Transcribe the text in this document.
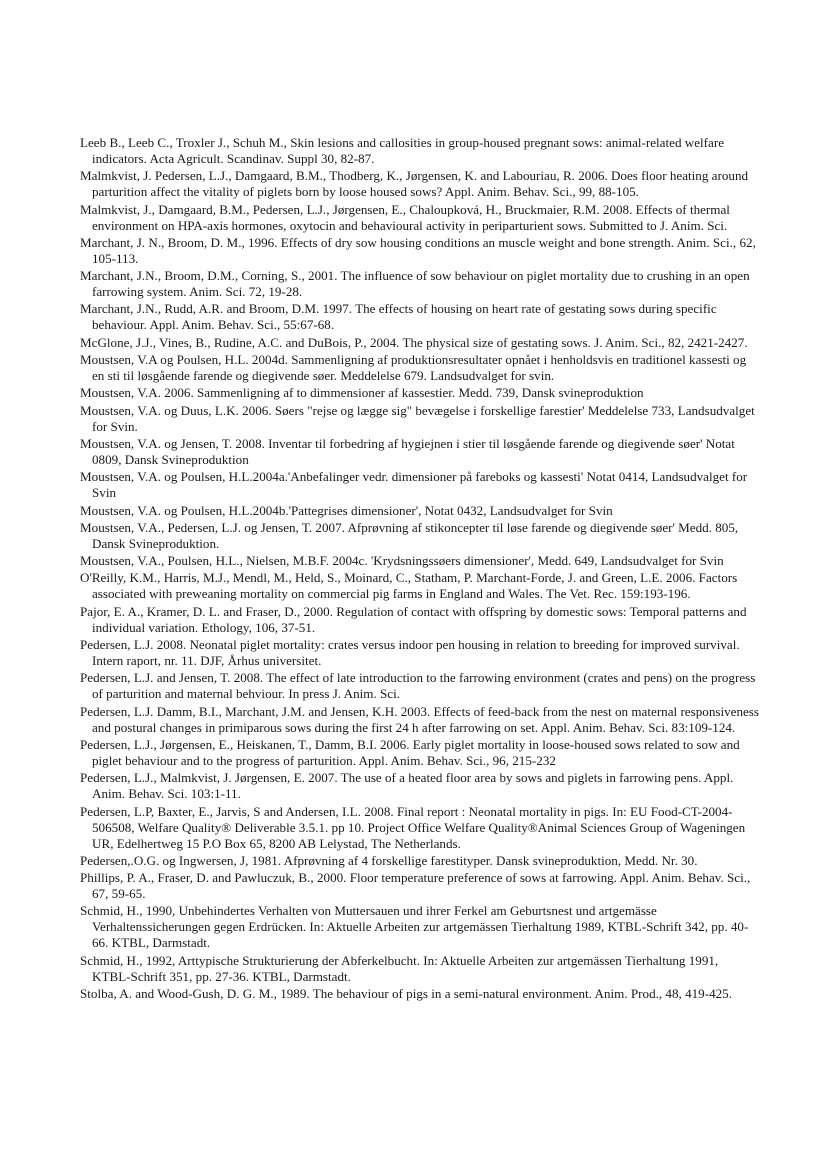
Leeb B., Leeb C., Troxler J., Schuh M., Skin lesions and callosities in group-housed pregnant sows: animal-related welfare indicators. Acta Agricult. Scandinav. Suppl 30, 82-87.

Malmkvist, J. Pedersen, L.J., Damgaard, B.M., Thodberg, K., Jørgensen, K. and Labouriau, R. 2006. Does floor heating around parturition affect the vitality of piglets born by loose housed sows? Appl. Anim. Behav. Sci., 99, 88-105.

Malmkvist, J., Damgaard, B.M., Pedersen, L.J., Jørgensen, E., Chaloupková, H., Bruckmaier, R.M. 2008. Effects of thermal environment on HPA-axis hormones, oxytocin and behavioural activity in periparturient sows. Submitted to J. Anim. Sci.

Marchant, J. N., Broom, D. M., 1996. Effects of dry sow housing conditions an muscle weight and bone strength. Anim. Sci., 62, 105-113.

Marchant, J.N., Broom, D.M., Corning, S., 2001. The influence of sow behaviour on piglet mortality due to crushing in an open farrowing system. Anim. Sci. 72, 19-28.

Marchant, J.N., Rudd, A.R. and Broom, D.M. 1997. The effects of housing on heart rate of gestating sows during specific behaviour. Appl. Anim. Behav. Sci., 55:67-68.

McGlone, J.J., Vines, B., Rudine, A.C. and DuBois, P., 2004. The physical size of gestating sows. J. Anim. Sci., 82, 2421-2427.

Moustsen, V.A og Poulsen, H.L. 2004d. Sammenligning af produktionsresultater opnået i henholdsvis en traditionel kassesti og en sti til løsgående farende og diegivende søer. Meddelelse 679. Landsudvalget for svin.

Moustsen, V.A. 2006. Sammenligning af to dimmensioner af kassestier. Medd. 739, Dansk svineproduktion

Moustsen, V.A. og Duus, L.K. 2006. Søers "rejse og lægge sig" bevægelse i forskellige farestier' Meddelelse 733, Landsudvalget for Svin.

Moustsen, V.A. og Jensen, T. 2008. Inventar til forbedring af hygiejnen i stier til løsgående farende og diegivende søer' Notat 0809, Dansk Svineproduktion

Moustsen, V.A. og Poulsen, H.L.2004a.'Anbefalinger vedr. dimensioner på fareboks og kassesti' Notat 0414, Landsudvalget for Svin

Moustsen, V.A. og Poulsen, H.L.2004b.'Pattegrises dimensioner', Notat 0432, Landsudvalget for Svin

Moustsen, V.A., Pedersen, L.J. og Jensen, T. 2007. Afprøvning af stikoncepter til løse farende og diegivende søer' Medd. 805, Dansk Svineproduktion.

Moustsen, V.A., Poulsen, H.L., Nielsen, M.B.F. 2004c. 'Krydsningssøers dimensioner', Medd. 649, Landsudvalget for Svin

O'Reilly, K.M., Harris, M.J., Mendl, M., Held, S., Moinard, C., Statham, P. Marchant-Forde, J. and Green, L.E. 2006. Factors associated with preweaning mortality on commercial pig farms in England and Wales. The Vet. Rec. 159:193-196.

Pajor, E. A., Kramer, D. L. and Fraser, D., 2000. Regulation of contact with offspring by domestic sows: Temporal patterns and individual variation. Ethology, 106, 37-51.

Pedersen, L.J. 2008. Neonatal piglet mortality: crates versus indoor pen housing in relation to breeding for improved survival. Intern raport, nr. 11. DJF, Århus universitet.

Pedersen, L.J. and Jensen, T. 2008. The effect of late introduction to the farrowing environment (crates and pens) on the progress of parturition and maternal behviour. In press J. Anim. Sci.

Pedersen, L.J. Damm, B.I., Marchant, J.M. and Jensen, K.H. 2003. Effects of feed-back from the nest on maternal responsiveness and postural changes in primiparous sows during the first 24 h after farrowing on set. Appl. Anim. Behav. Sci. 83:109-124.

Pedersen, L.J., Jørgensen, E., Heiskanen, T., Damm, B.I. 2006. Early piglet mortality in loose-housed sows related to sow and piglet behaviour and to the progress of parturition. Appl. Anim. Behav. Sci., 96, 215-232

Pedersen, L.J., Malmkvist, J. Jørgensen, E. 2007. The use of a heated floor area by sows and piglets in farrowing pens. Appl. Anim. Behav. Sci. 103:1-11.

Pedersen, L.P, Baxter, E., Jarvis, S and Andersen, I.L. 2008. Final report : Neonatal mortality in pigs. In: EU Food-CT-2004-506508, Welfare Quality® Deliverable 3.5.1. pp 10. Project Office Welfare Quality®Animal Sciences Group of Wageningen UR, Edelhertweg 15 P.O Box 65, 8200 AB Lelystad, The Netherlands.

Pedersen,.O.G. og Ingwersen, J, 1981. Afprøvning af 4 forskellige farestityper. Dansk svineproduktion, Medd. Nr. 30.

Phillips, P. A., Fraser, D. and Pawluczuk, B., 2000. Floor temperature preference of sows at farrowing. Appl. Anim. Behav. Sci., 67, 59-65.

Schmid, H., 1990, Unbehindertes Verhalten von Muttersauen und ihrer Ferkel am Geburtsnest und artgemässe Verhaltenssicherungen gegen Erdrücken. In: Aktuelle Arbeiten zur artgemässen Tierhaltung 1989, KTBL-Schrift 342, pp. 40-66. KTBL, Darmstadt.

Schmid, H., 1992, Arttypische Strukturierung der Abferkelbucht. In: Aktuelle Arbeiten zur artgemässen Tierhaltung 1991, KTBL-Schrift 351, pp. 27-36. KTBL, Darmstadt.

Stolba, A. and Wood-Gush, D. G. M., 1989. The behaviour of pigs in a semi-natural environment. Anim. Prod., 48, 419-425.
